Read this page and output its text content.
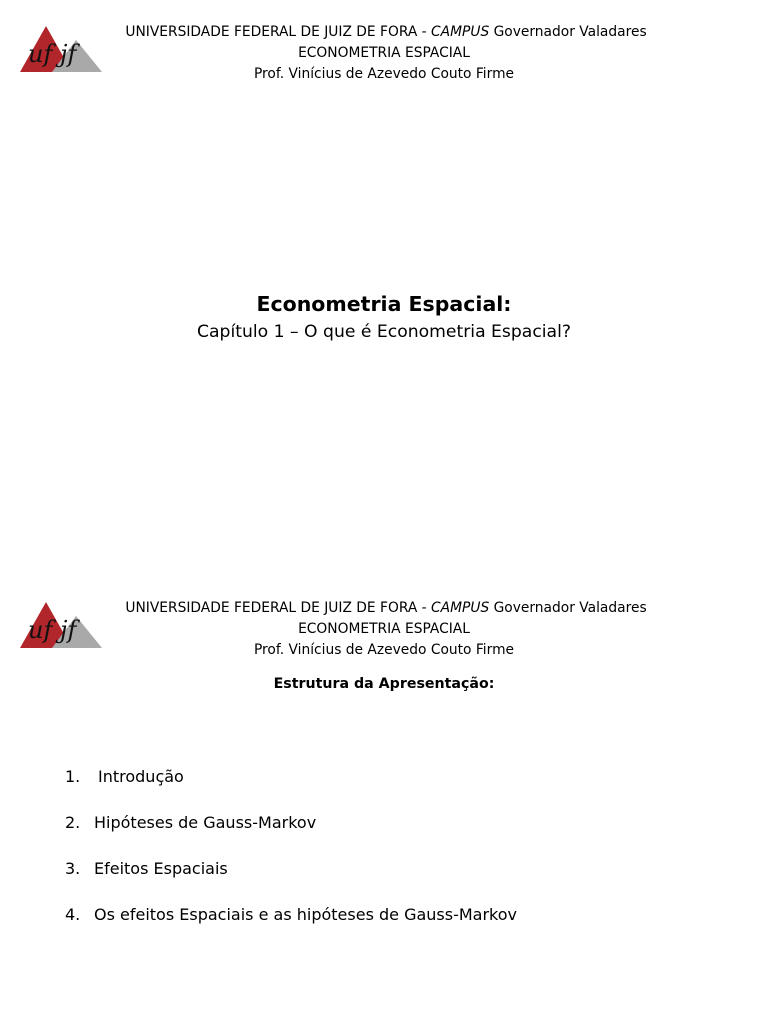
uf jf
UNIVERSIDADE FEDERAL DE JUIZ DE FORA - CAMPUS Governador Valadares
ECONOMETRIA ESPACIAL
Prof. Vinícius de Azevedo Couto Firme
Econometria Espacial:
Capítulo 1 – O que é Econometria Espacial?
uf jf
UNIVERSIDADE FEDERAL DE JUIZ DE FORA - CAMPUS Governador Valadares
ECONOMETRIA ESPACIAL
Prof. Vinícius de Azevedo Couto Firme
Estrutura da Apresentação:
1. Introdução
2. Hipóteses de Gauss-Markov
3. Efeitos Espaciais
4. Os efeitos Espaciais e as hipóteses de Gauss-Markov
